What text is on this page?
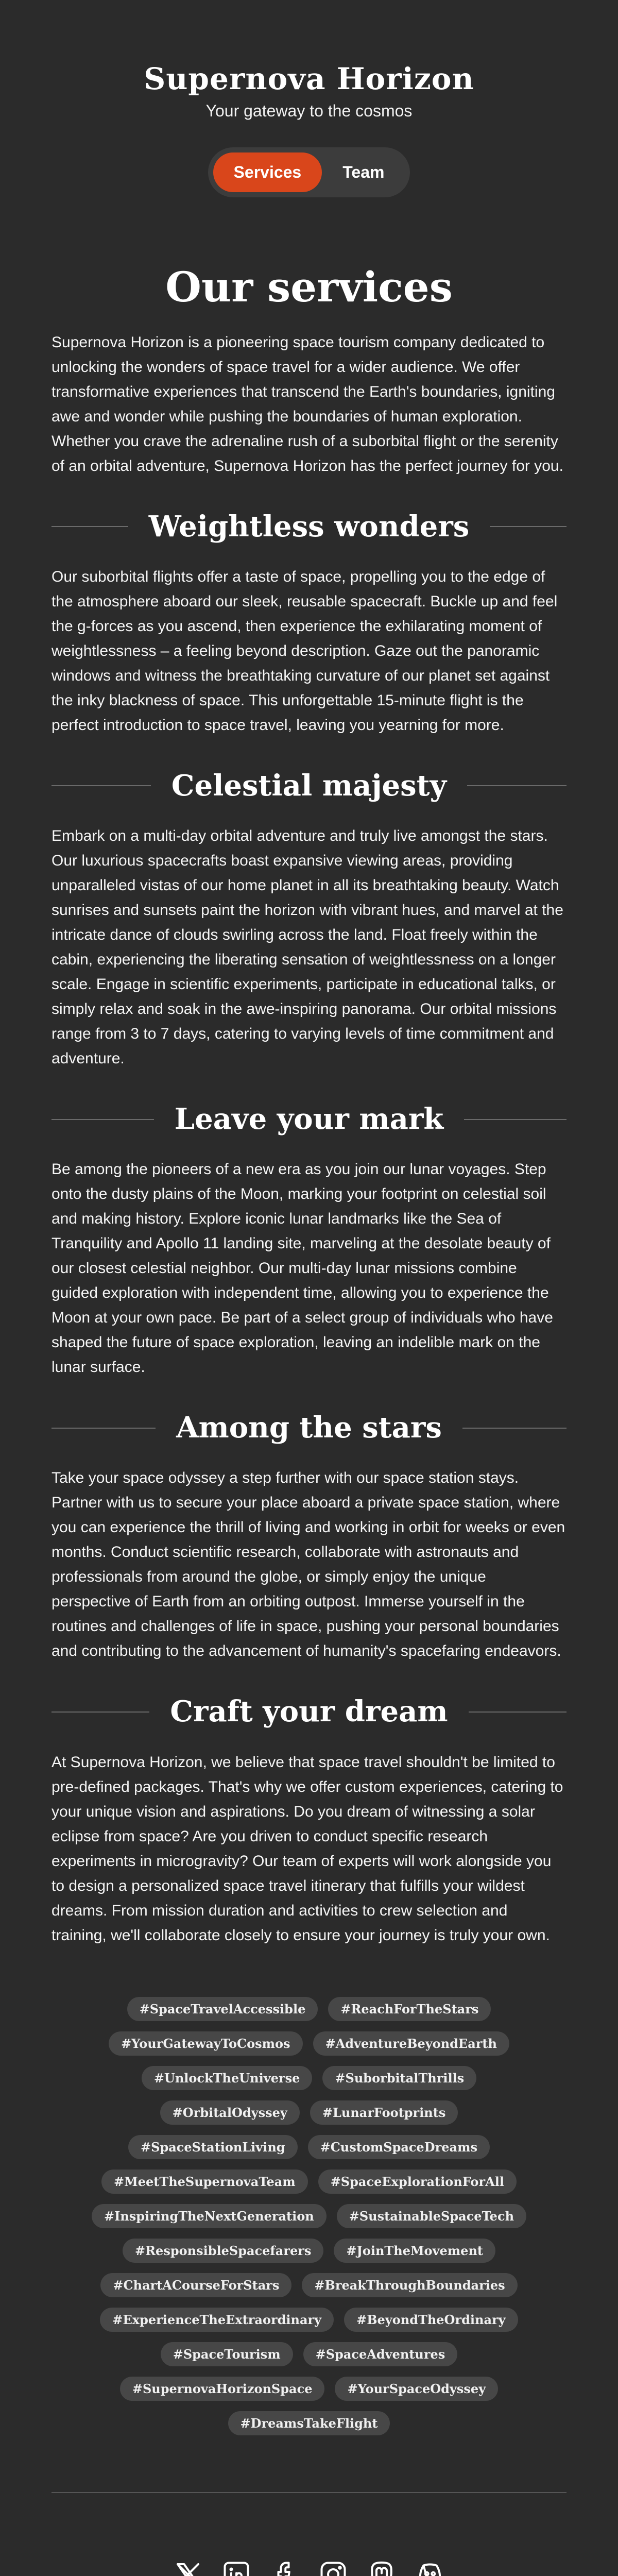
Supernova Horizon

Your gateway to the cosmos

Services	Team
Our services

Supernova Horizon is a pioneering space tourism company dedicated to unlocking the wonders of space travel for a wider audience. We offer transformative experiences that transcend the Earth's boundaries, igniting awe and wonder while pushing the boundaries of human exploration. Whether you crave the adrenaline rush of a suborbital flight or the serenity of an orbital adventure, Supernova Horizon has the perfect journey for you.

Weightless wonders

Our suborbital flights offer a taste of space, propelling you to the edge of the atmosphere aboard our sleek, reusable spacecraft. Buckle up and feel the g-forces as you ascend, then experience the exhilarating moment of weightlessness – a feeling beyond description. Gaze out the panoramic windows and witness the breathtaking curvature of our planet set against the inky blackness of space. This unforgettable 15-minute flight is the perfect introduction to space travel, leaving you yearning for more.

Celestial majesty

Embark on a multi-day orbital adventure and truly live amongst the stars. Our luxurious spacecrafts boast expansive viewing areas, providing unparalleled vistas of our home planet in all its breathtaking beauty. Watch sunrises and sunsets paint the horizon with vibrant hues, and marvel at the intricate dance of clouds swirling across the land. Float freely within the cabin, experiencing the liberating sensation of weightlessness on a longer scale. Engage in scientific experiments, participate in educational talks, or simply relax and soak in the awe-inspiring panorama. Our orbital missions range from 3 to 7 days, catering to varying levels of time commitment and adventure.

Leave your mark

Be among the pioneers of a new era as you join our lunar voyages. Step onto the dusty plains of the Moon, marking your footprint on celestial soil and making history. Explore iconic lunar landmarks like the Sea of Tranquility and Apollo 11 landing site, marveling at the desolate beauty of our closest celestial neighbor. Our multi-day lunar missions combine guided exploration with independent time, allowing you to experience the Moon at your own pace. Be part of a select group of individuals who have shaped the future of space exploration, leaving an indelible mark on the lunar surface.

Among the stars

Take your space odyssey a step further with our space station stays. Partner with us to secure your place aboard a private space station, where you can experience the thrill of living and working in orbit for weeks or even months. Conduct scientific research, collaborate with astronauts and professionals from around the globe, or simply enjoy the unique perspective of Earth from an orbiting outpost. Immerse yourself in the routines and challenges of life in space, pushing your personal boundaries and contributing to the advancement of humanity's spacefaring endeavors.

Craft your dream

At Supernova Horizon, we believe that space travel shouldn't be limited to pre-defined packages. That's why we offer custom experiences, catering to your unique vision and aspirations. Do you dream of witnessing a solar eclipse from space? Are you driven to conduct specific research experiments in microgravity? Our team of experts will work alongside you to design a personalized space travel itinerary that fulfills your wildest dreams. From mission duration and activities to crew selection and training, we'll collaborate closely to ensure your journey is truly your own.

#SpaceTravelAccessible	#ReachForTheStars
#YourGatewayToCosmos	#AdventureBeyondEarth
#UnlockTheUniverse	#SuborbitalThrills
#OrbitalOdyssey	#LunarFootprints
#SpaceStationLiving	#CustomSpaceDreams
#MeetTheSupernovaTeam	#SpaceExplorationForAll
#InspiringTheNextGeneration	#SustainableSpaceTech
#ResponsibleSpacefarers	#JoinTheMovement
#ChartACourseForStars	#BreakThroughBoundaries
#ExperienceTheExtraordinary	#BeyondTheOrdinary
#SpaceTourism	#SpaceAdventures
#SupernovaHorizonSpace	#YourSpaceOdyssey
#DreamsTakeFlight
